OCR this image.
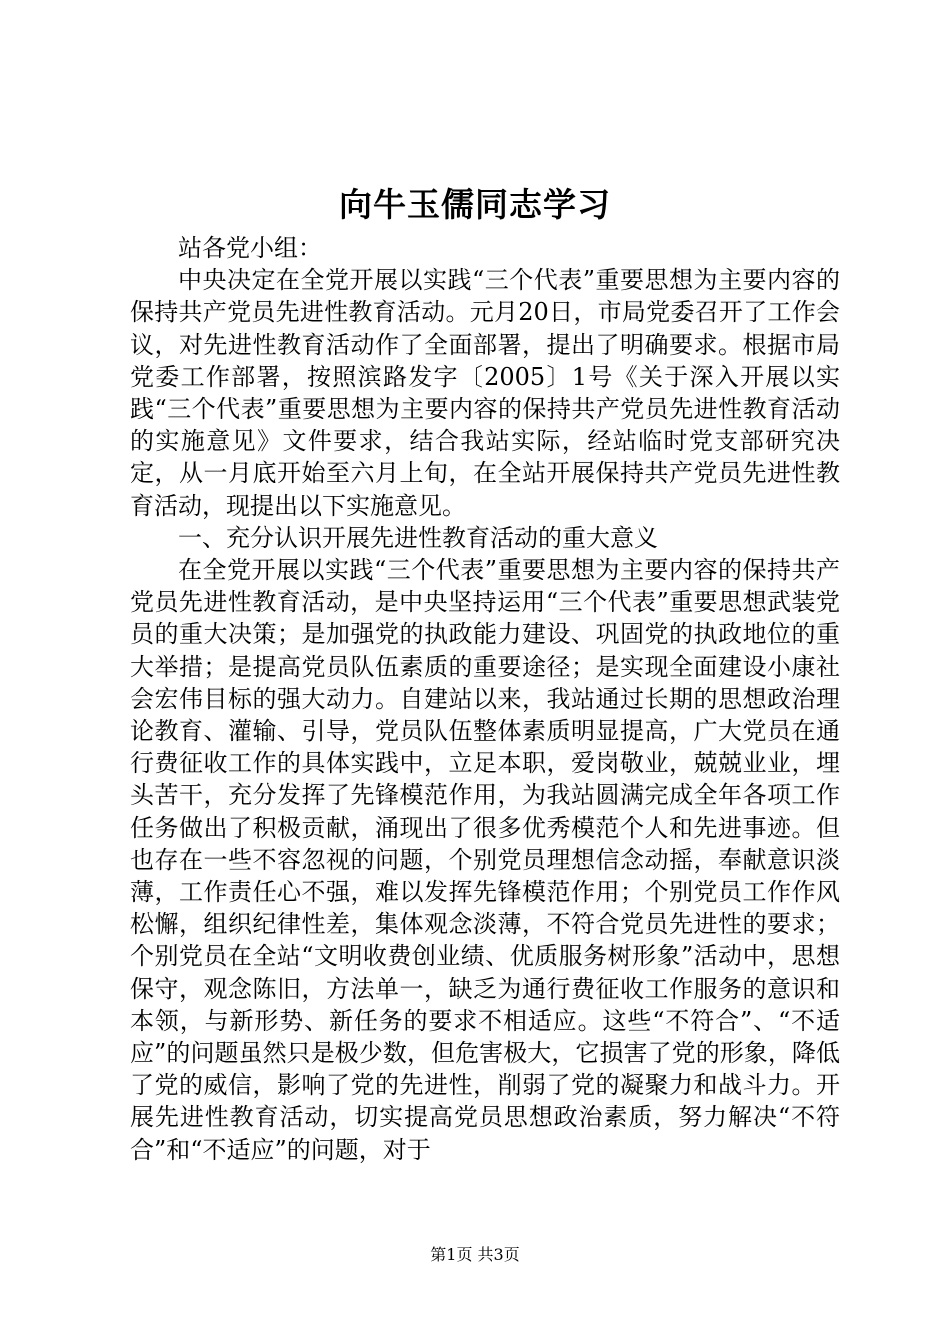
向牛玉儒同志学习

站各党小组：

中央决定在全党开展以实践“三个代表”重要思想为主要内容的保持共产党员先进性教育活动。元月20日，市局党委召开了工作会议，对先进性教育活动作了全面部署，提出了明确要求。根据市局党委工作部署，按照滨路发字〔2005〕1号《关于深入开展以实践“三个代表”重要思想为主要内容的保持共产党员先进性教育活动的实施意见》文件要求，结合我站实际，经站临时党支部研究决定，从一月底开始至六月上旬，在全站开展保持共产党员先进性教育活动，现提出以下实施意见。

一、充分认识开展先进性教育活动的重大意义

在全党开展以实践“三个代表”重要思想为主要内容的保持共产党员先进性教育活动，是中央坚持运用“三个代表”重要思想武装党员的重大决策；是加强党的执政能力建设、巩固党的执政地位的重大举措；是提高党员队伍素质的重要途径；是实现全面建设小康社会宏伟目标的强大动力。自建站以来，我站通过长期的思想政治理论教育、灌输、引导，党员队伍整体素质明显提高，广大党员在通行费征收工作的具体实践中，立足本职，爱岗敬业，兢兢业业，埋头苦干，充分发挥了先锋模范作用，为我站圆满完成全年各项工作任务做出了积极贡献，涌现出了很多优秀模范个人和先进事迹。但也存在一些不容忽视的问题，个别党员理想信念动摇，奉献意识淡薄，工作责任心不强，难以发挥先锋模范作用；个别党员工作作风松懈，组织纪律性差，集体观念淡薄，不符合党员先进性的要求；个别党员在全站“文明收费创业绩、优质服务树形象”活动中，思想保守，观念陈旧，方法单一，缺乏为通行费征收工作服务的意识和本领，与新形势、新任务的要求不相适应。这些“不符合”、“不适应”的问题虽然只是极少数，但危害极大，它损害了党的形象，降低了党的威信，影响了党的先进性，削弱了党的凝聚力和战斗力。开展先进性教育活动，切实提高党员思想政治素质，努力解决“不符合”和“不适应”的问题，对于

第1页 共3页
